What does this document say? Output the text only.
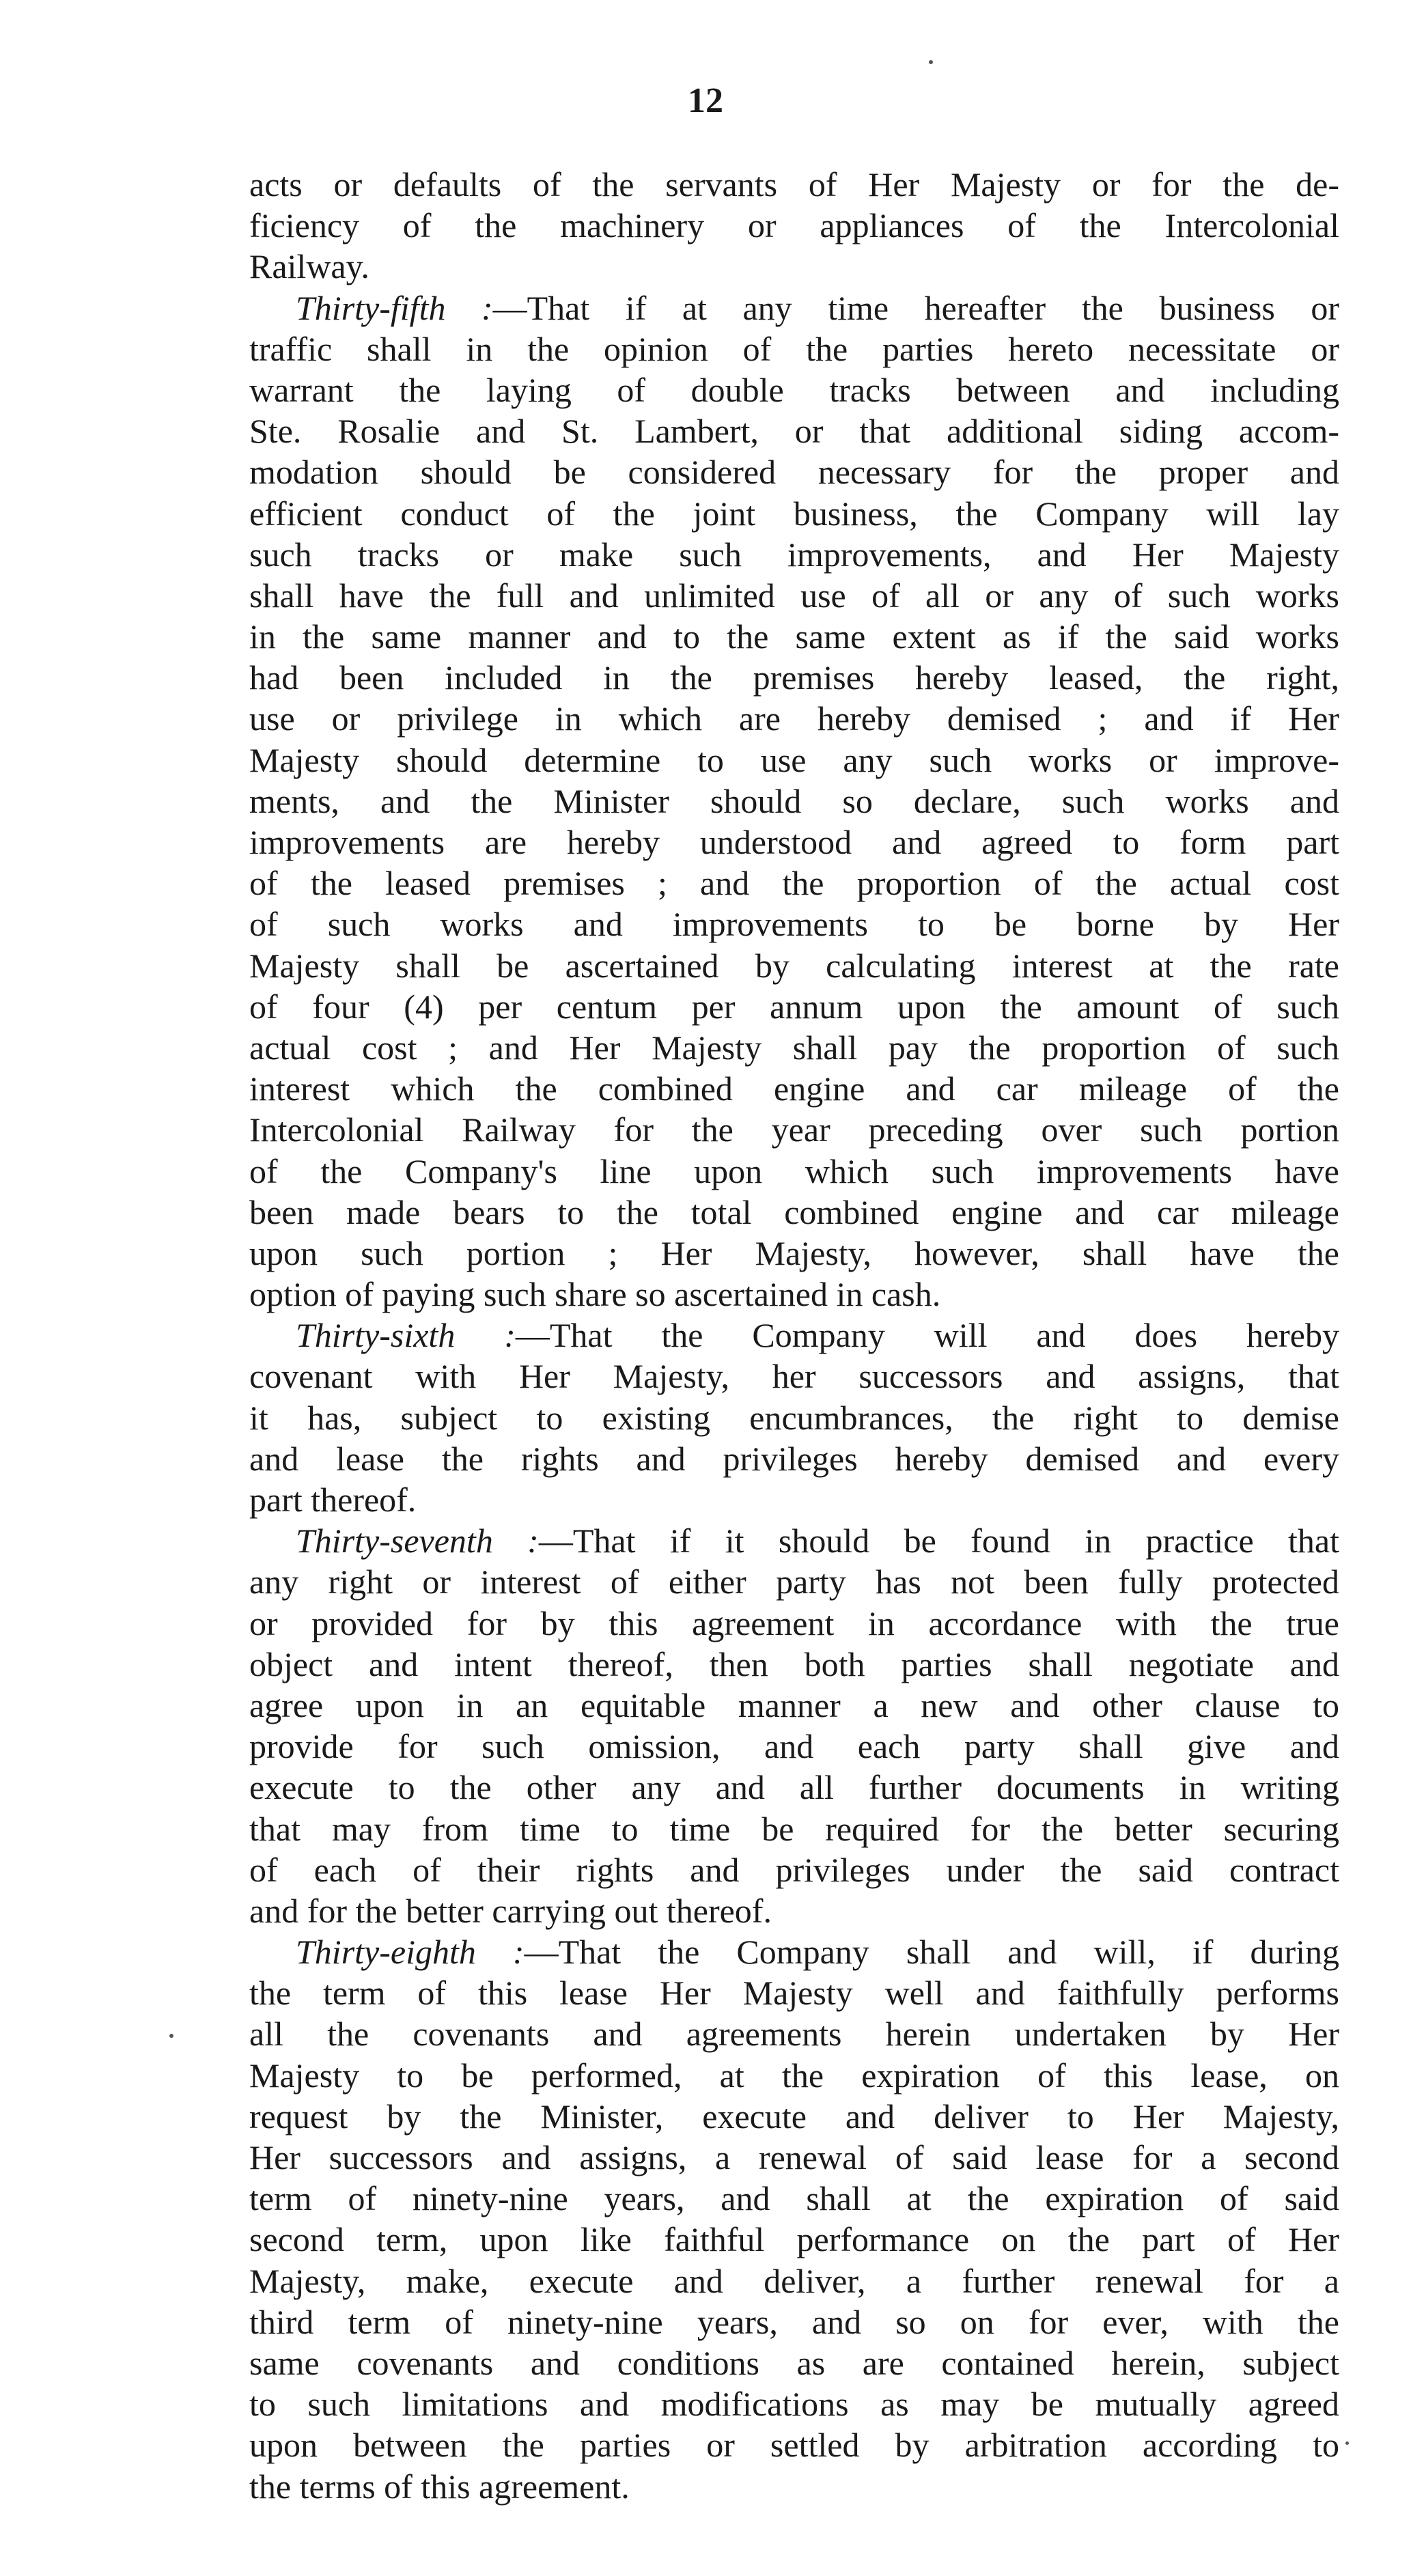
12
acts or defaults of the servants of Her Majesty or for the de-
ficiency of the machinery or appliances of the Intercolonial
Railway.
Thirty-fifth :—That if at any time hereafter the business or
traffic shall in the opinion of the parties hereto necessitate or
warrant the laying of double tracks between and including
Ste. Rosalie and St. Lambert, or that additional siding accom-
modation should be considered necessary for the proper and
efficient conduct of the joint business, the Company will lay
such tracks or make such improvements, and Her Majesty
shall have the full and unlimited use of all or any of such works
in the same manner and to the same extent as if the said works
had been included in the premises hereby leased, the right,
use or privilege in which are hereby demised ; and if Her
Majesty should determine to use any such works or improve-
ments, and the Minister should so declare, such works and
improvements are hereby understood and agreed to form part
of the leased premises ; and the proportion of the actual cost
of such works and improvements to be borne by Her
Majesty shall be ascertained by calculating interest at the rate
of four (4) per centum per annum upon the amount of such
actual cost ; and Her Majesty shall pay the proportion of such
interest which the combined engine and car mileage of the
Intercolonial Railway for the year preceding over such portion
of the Company's line upon which such improvements have
been made bears to the total combined engine and car mileage
upon such portion ; Her Majesty, however, shall have the
option of paying such share so ascertained in cash.
Thirty-sixth :—That the Company will and does hereby
covenant with Her Majesty, her successors and assigns, that
it has, subject to existing encumbrances, the right to demise
and lease the rights and privileges hereby demised and every
part thereof.
Thirty-seventh :—That if it should be found in practice that
any right or interest of either party has not been fully protected
or provided for by this agreement in accordance with the true
object and intent thereof, then both parties shall negotiate and
agree upon in an equitable manner a new and other clause to
provide for such omission, and each party shall give and
execute to the other any and all further documents in writing
that may from time to time be required for the better securing
of each of their rights and privileges under the said contract
and for the better carrying out thereof.
Thirty-eighth :—That the Company shall and will, if during
the term of this lease Her Majesty well and faithfully performs
all the covenants and agreements herein undertaken by Her
Majesty to be performed, at the expiration of this lease, on
request by the Minister, execute and deliver to Her Majesty,
Her successors and assigns, a renewal of said lease for a second
term of ninety-nine years, and shall at the expiration of said
second term, upon like faithful performance on the part of Her
Majesty, make, execute and deliver, a further renewal for a
third term of ninety-nine years, and so on for ever, with the
same covenants and conditions as are contained herein, subject
to such limitations and modifications as may be mutually agreed
upon between the parties or settled by arbitration according to
the terms of this agreement.
